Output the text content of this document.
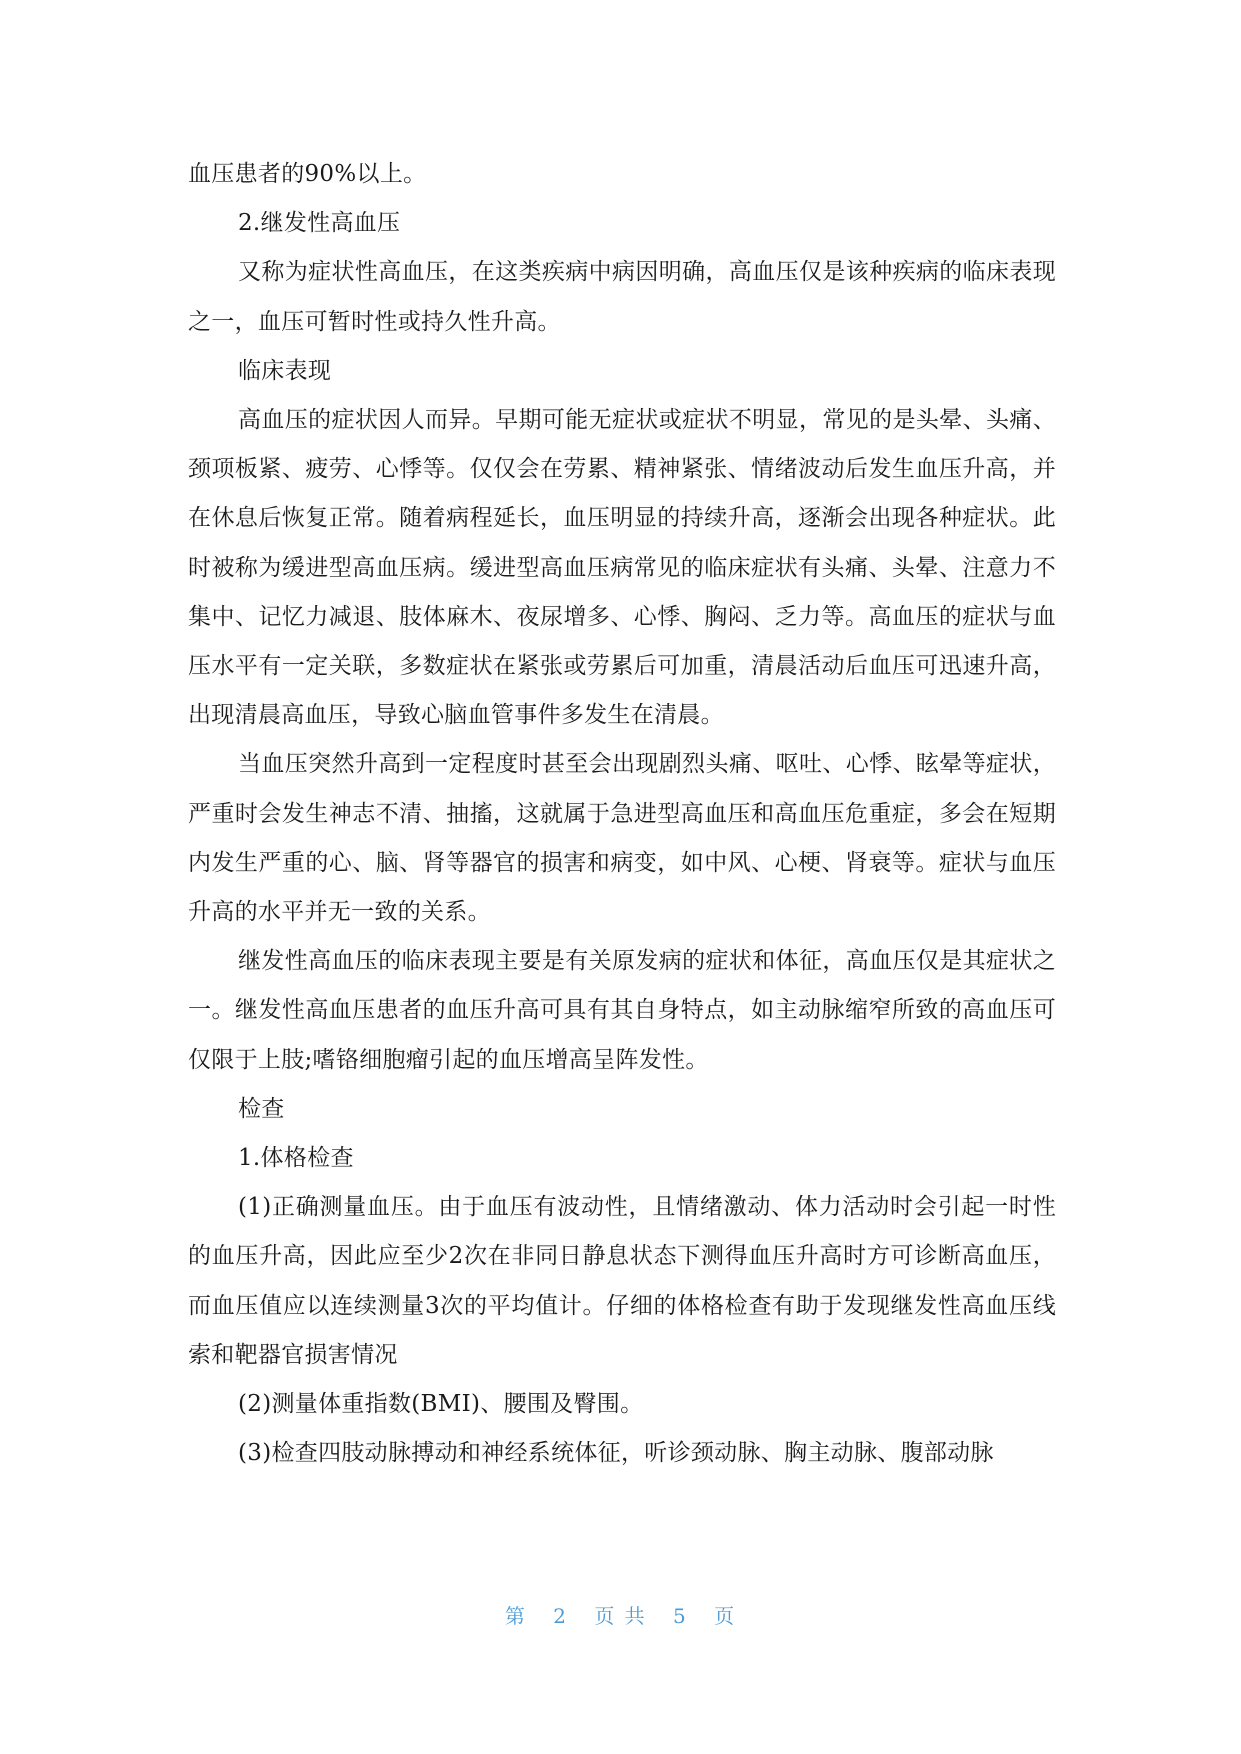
血压患者的90%以上。

2.继发性高血压

又称为症状性高血压，在这类疾病中病因明确，高血压仅是该种疾病的临床表现之一，血压可暂时性或持久性升高。

临床表现

高血压的症状因人而异。早期可能无症状或症状不明显，常见的是头晕、头痛、颈项板紧、疲劳、心悸等。仅仅会在劳累、精神紧张、情绪波动后发生血压升高，并在休息后恢复正常。随着病程延长，血压明显的持续升高，逐渐会出现各种症状。此时被称为缓进型高血压病。缓进型高血压病常见的临床症状有头痛、头晕、注意力不集中、记忆力减退、肢体麻木、夜尿增多、心悸、胸闷、乏力等。高血压的症状与血压水平有一定关联，多数症状在紧张或劳累后可加重，清晨活动后血压可迅速升高，出现清晨高血压，导致心脑血管事件多发生在清晨。

当血压突然升高到一定程度时甚至会出现剧烈头痛、呕吐、心悸、眩晕等症状，严重时会发生神志不清、抽搐，这就属于急进型高血压和高血压危重症，多会在短期内发生严重的心、脑、肾等器官的损害和病变，如中风、心梗、肾衰等。症状与血压升高的水平并无一致的关系。

继发性高血压的临床表现主要是有关原发病的症状和体征，高血压仅是其症状之一。继发性高血压患者的血压升高可具有其自身特点，如主动脉缩窄所致的高血压可仅限于上肢;嗜铬细胞瘤引起的血压增高呈阵发性。

检查

1.体格检查

(1)正确测量血压。由于血压有波动性，且情绪激动、体力活动时会引起一时性的血压升高，因此应至少2次在非同日静息状态下测得血压升高时方可诊断高血压，而血压值应以连续测量3次的平均值计。仔细的体格检查有助于发现继发性高血压线索和靶器官损害情况

(2)测量体重指数(BMI)、腰围及臀围。

(3)检查四肢动脉搏动和神经系统体征，听诊颈动脉、胸主动脉、腹部动脉

第 2 页 共 5 页
